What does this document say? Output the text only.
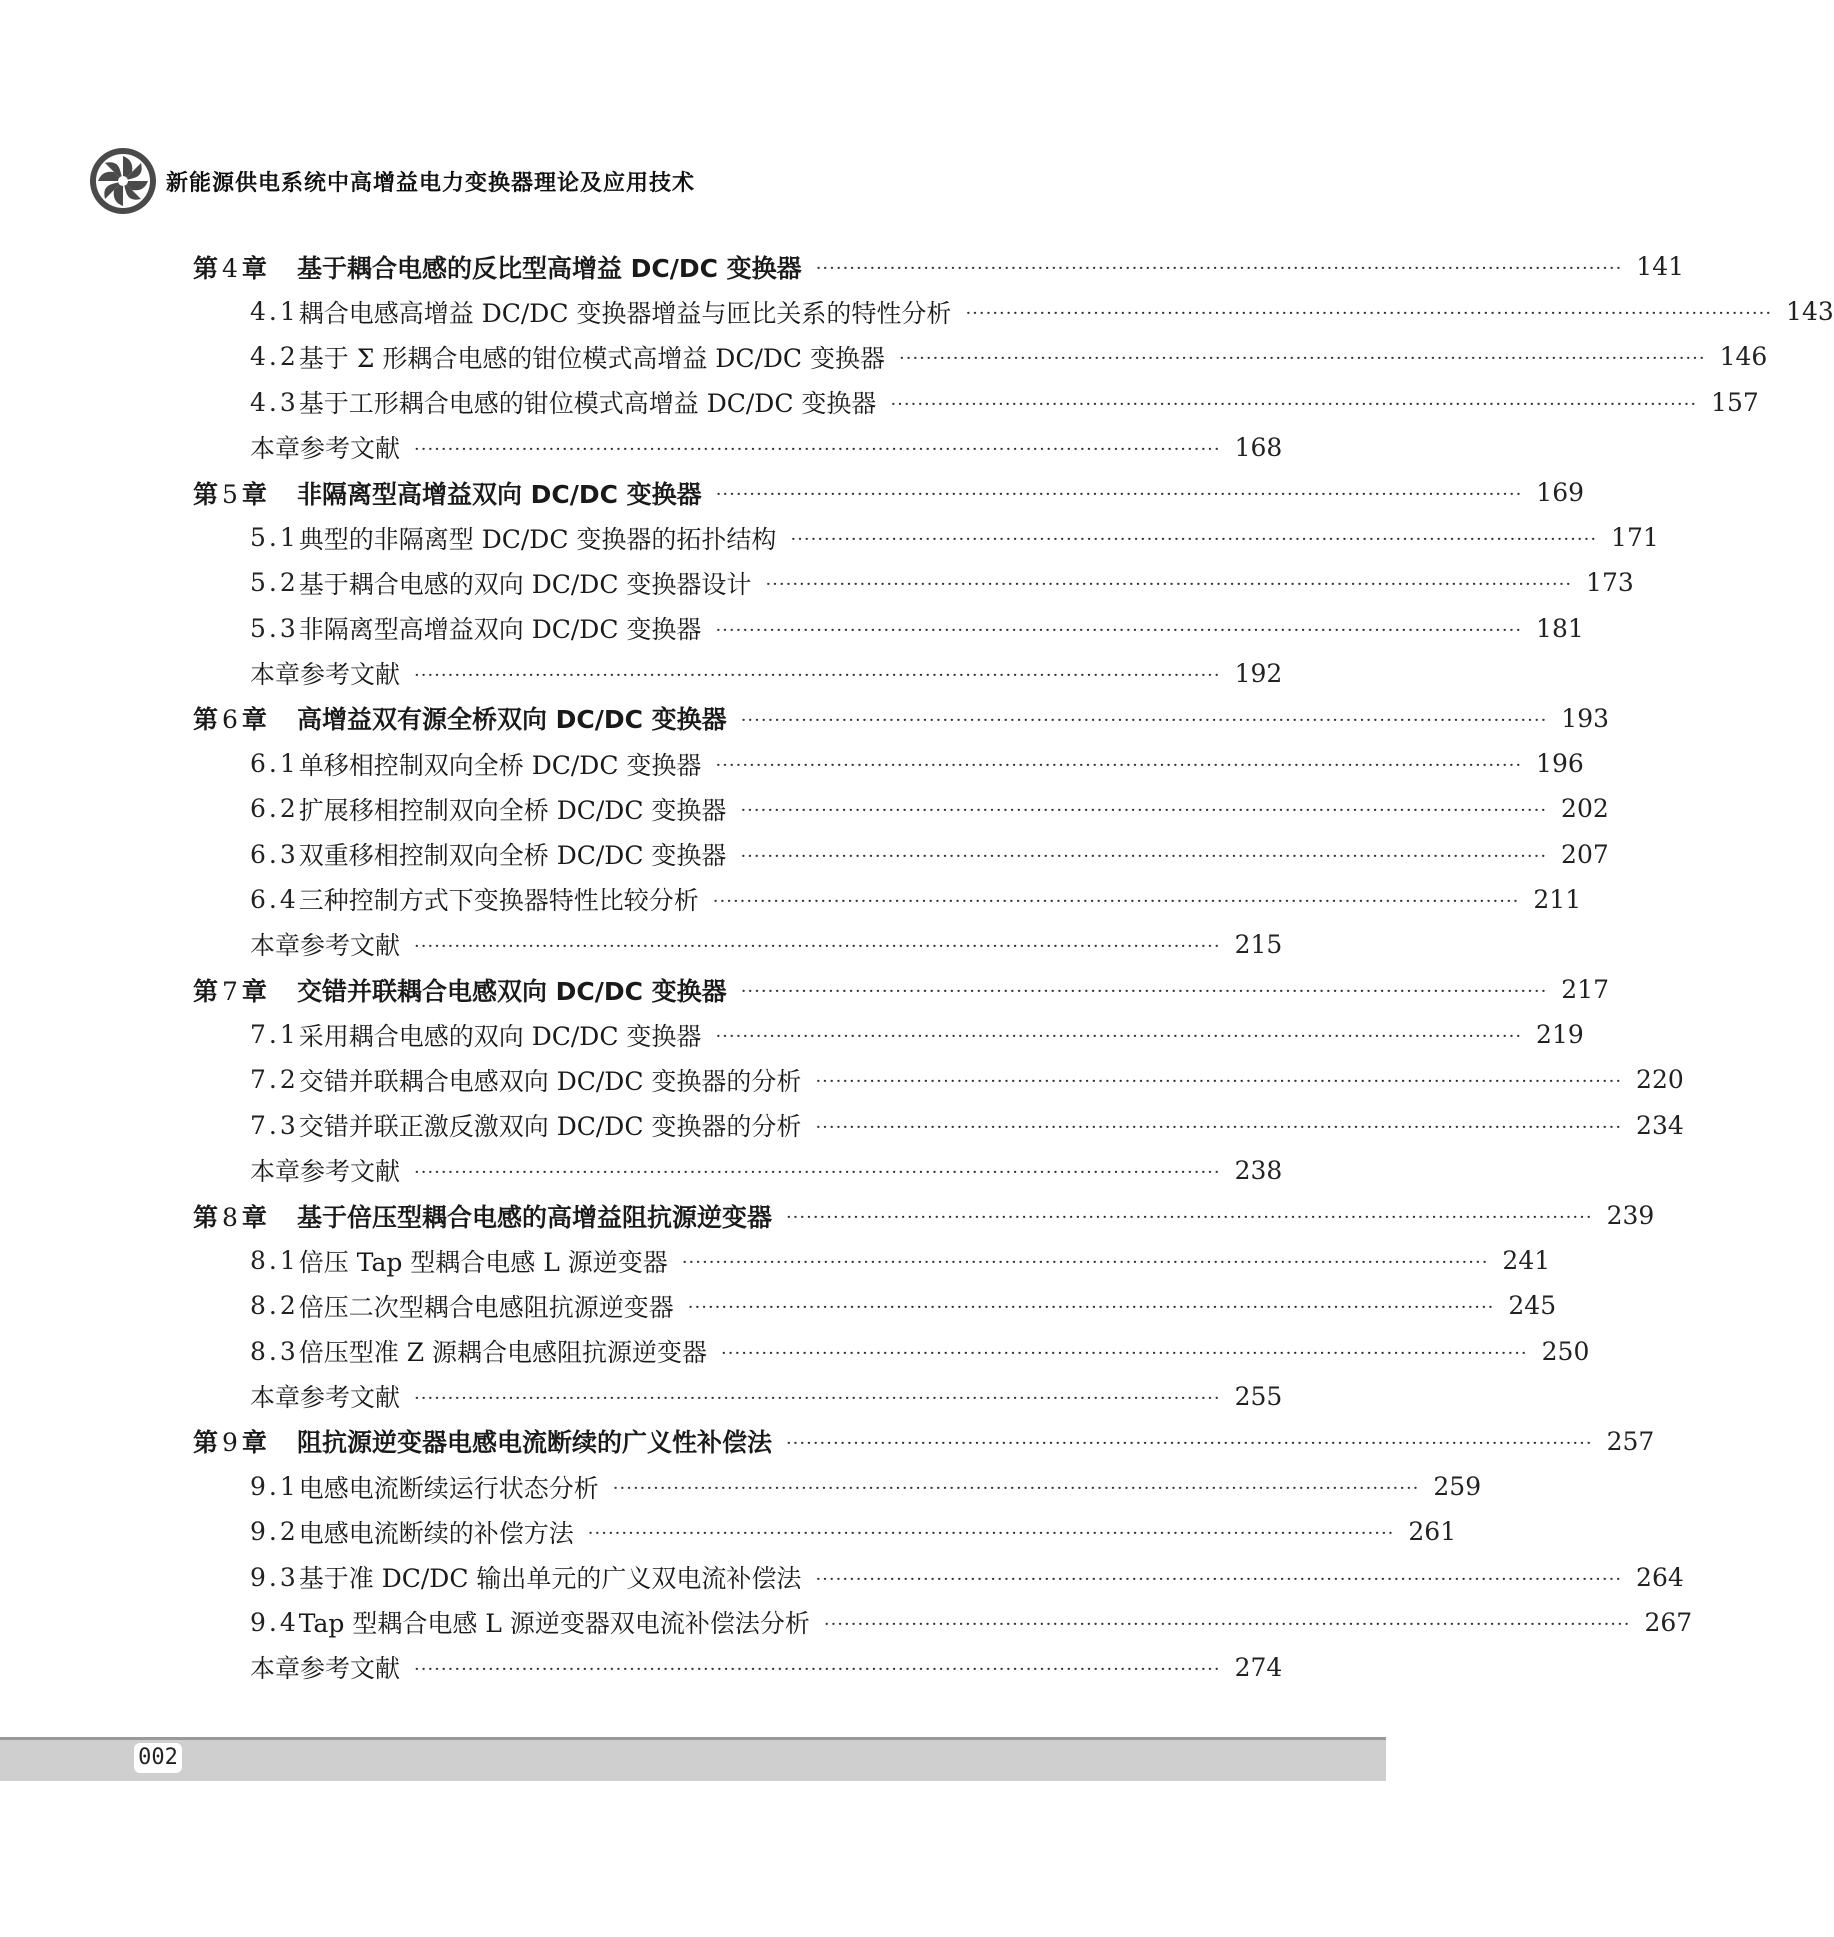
新能源供电系统中高增益电力变换器理论及应用技术
第 4 章 基于耦合电感的反比型高增益 DC/DC 变换器 ························································································································ 141
4.1 耦合电感高增益 DC/DC 变换器增益与匝比关系的特性分析 ························································································································ 143
4.2 基于 Σ 形耦合电感的钳位模式高增益 DC/DC 变换器 ························································································································ 146
4.3 基于工形耦合电感的钳位模式高增益 DC/DC 变换器 ························································································································ 157
本章参考文献 ························································································································ 168
第 5 章 非隔离型高增益双向 DC/DC 变换器 ························································································································ 169
5.1 典型的非隔离型 DC/DC 变换器的拓扑结构 ························································································································ 171
5.2 基于耦合电感的双向 DC/DC 变换器设计 ························································································································ 173
5.3 非隔离型高增益双向 DC/DC 变换器 ························································································································ 181
本章参考文献 ························································································································ 192
第 6 章 高增益双有源全桥双向 DC/DC 变换器 ························································································································ 193
6.1 单移相控制双向全桥 DC/DC 变换器 ························································································································ 196
6.2 扩展移相控制双向全桥 DC/DC 变换器 ························································································································ 202
6.3 双重移相控制双向全桥 DC/DC 变换器 ························································································································ 207
6.4 三种控制方式下变换器特性比较分析 ························································································································ 211
本章参考文献 ························································································································ 215
第 7 章 交错并联耦合电感双向 DC/DC 变换器 ························································································································ 217
7.1 采用耦合电感的双向 DC/DC 变换器 ························································································································ 219
7.2 交错并联耦合电感双向 DC/DC 变换器的分析 ························································································································ 220
7.3 交错并联正激反激双向 DC/DC 变换器的分析 ························································································································ 234
本章参考文献 ························································································································ 238
第 8 章 基于倍压型耦合电感的高增益阻抗源逆变器 ························································································································ 239
8.1 倍压 Tap 型耦合电感 L 源逆变器 ························································································································ 241
8.2 倍压二次型耦合电感阻抗源逆变器 ························································································································ 245
8.3 倍压型准 Z 源耦合电感阻抗源逆变器 ························································································································ 250
本章参考文献 ························································································································ 255
第 9 章 阻抗源逆变器电感电流断续的广义性补偿法 ························································································································ 257
9.1 电感电流断续运行状态分析 ························································································································ 259
9.2 电感电流断续的补偿方法 ························································································································ 261
9.3 基于准 DC/DC 输出单元的广义双电流补偿法 ························································································································ 264
9.4 Tap 型耦合电感 L 源逆变器双电流补偿法分析 ························································································································ 267
本章参考文献 ························································································································ 274
002
